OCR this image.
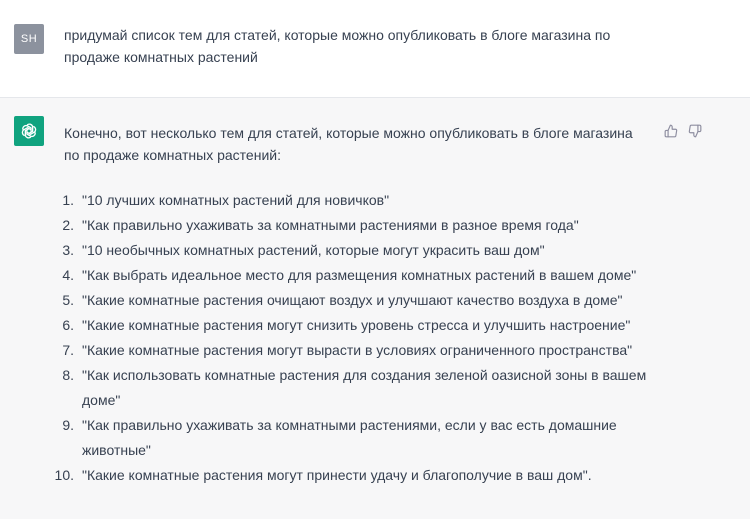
SH	придумай список тем для статей, которые можно опубликовать в блоге магазина по продаже комнатных растений
Конечно, вот несколько тем для статей, которые можно опубликовать в блоге магазина по продаже комнатных растений:
1. "10 лучших комнатных растений для новичков"
2. "Как правильно ухаживать за комнатными растениями в разное время года"
3. "10 необычных комнатных растений, которые могут украсить ваш дом"
4. "Как выбрать идеальное место для размещения комнатных растений в вашем доме"
5. "Какие комнатные растения очищают воздух и улучшают качество воздуха в доме"
6. "Какие комнатные растения могут снизить уровень стресса и улучшить настроение"
7. "Какие комнатные растения могут вырасти в условиях ограниченного пространства"
8. "Как использовать комнатные растения для создания зеленой оазисной зоны в вашем доме"
9. "Как правильно ухаживать за комнатными растениями, если у вас есть домашние животные"
10. "Какие комнатные растения могут принести удачу и благополучие в ваш дом".
